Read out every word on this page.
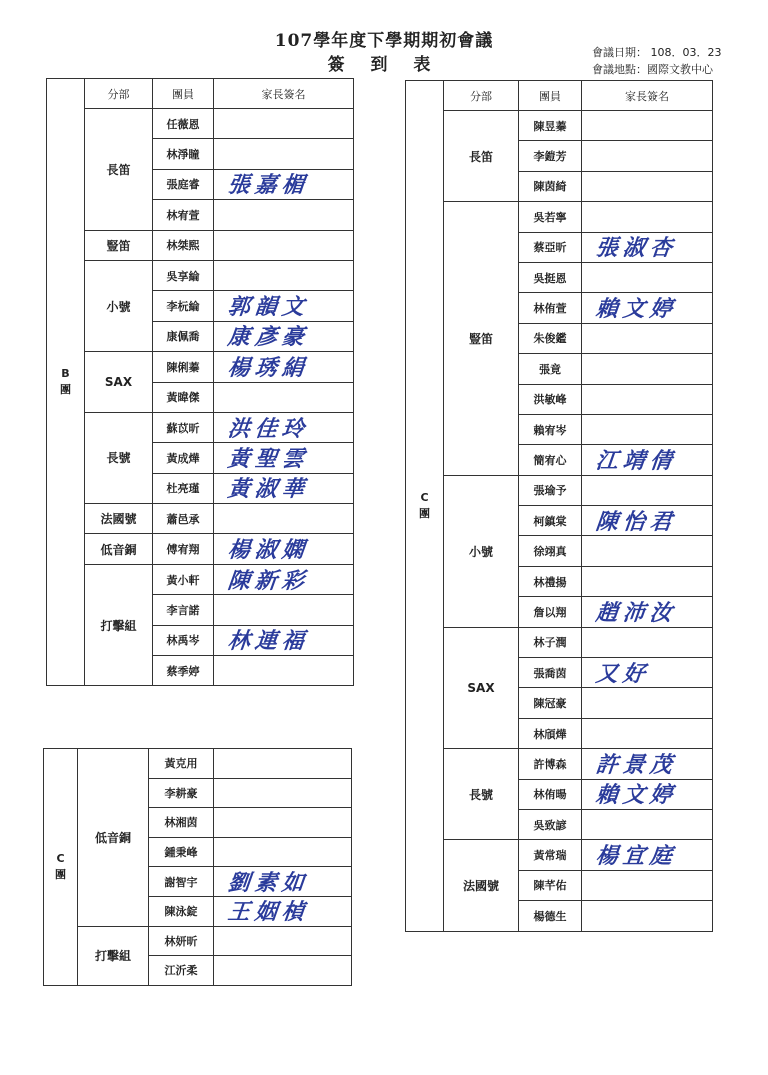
107學年度下學期期初會議
簽 到 表
會議日期： 108．03．23
會議地點：國際文教中心
B
團	分部	團員	家長簽名
	長笛	任薇恩	
		林淨瞳	
		張庭睿	張嘉楣

		林宥萱	
	豎笛	林桀熙	
	小號	吳享綸	
		李杬綸	郭韻文

		康佩喬	康彥豪

	SAX	陳俐蓁	楊琇絹

		黃暐傑	
	長號	蘇苡昕	洪佳玲

		黃成燁	黃聖雲

		杜亮瑾	黃淑華

	法國號	蕭邑承	
	低音銅	傅宥翔	楊淑嫻

	打擊組	黃小軒	陳新彩

		李言諾	
		林禹岑	林連福

		蔡季婷	
C
團	低音銅	黃克用	
		李耕豪	
		林湘茵	
		鍾秉峰	
		謝智宇	劉素如

		陳泳錠	王姻楨

	打擊組	林妍昕	
		江沂柔	
C
團	分部	團員	家長簽名
	長笛	陳昱蓁	
		李鎧芳	
		陳茵綺	
	豎笛	吳若寧	
		蔡亞昕	張淑杏

		吳挺恩	
		林侑萱	賴文婷

		朱俊鑑	
		張竟	
		洪敏峰	
		賴宥岑	
		簡宥心	江靖倩

	小號	張瑜予	
		柯鎮棠	陳怡君

		徐翊真	
		林禮揚	
		詹以翔	趙沛汝

	SAX	林子潤	
		張喬茵	又好

		陳冠豪	
		林頎燁	
	長號	許博森	許景茂

		林侑暘	賴文婷

		吳致諺	
	法國號	黃常瑞	楊宜庭

		陳芊佑	
		楊德生	
